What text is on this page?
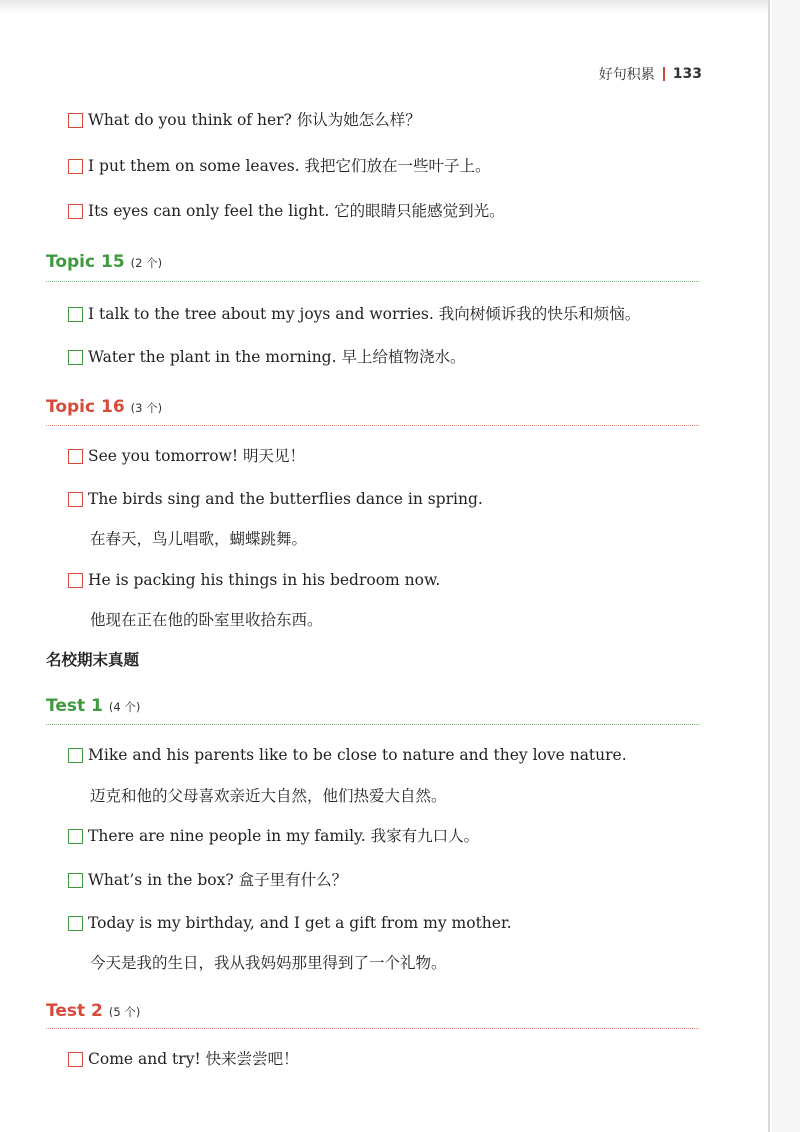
好句积累 133
What do you think of her? 你认为她怎么样？
I put them on some leaves. 我把它们放在一些叶子上。
Its eyes can only feel the light. 它的眼睛只能感觉到光。
Topic 15 (2 个)
I talk to the tree about my joys and worries. 我向树倾诉我的快乐和烦恼。
Water the plant in the morning. 早上给植物浇水。
Topic 16 (3 个)
See you tomorrow! 明天见！
The birds sing and the butterflies dance in spring.
在春天，鸟儿唱歌，蝴蝶跳舞。
He is packing his things in his bedroom now.
他现在正在他的卧室里收拾东西。
名校期末真题
Test 1 (4 个)
Mike and his parents like to be close to nature and they love nature.
迈克和他的父母喜欢亲近大自然，他们热爱大自然。
There are nine people in my family. 我家有九口人。
What’s in the box? 盒子里有什么？
Today is my birthday, and I get a gift from my mother.
今天是我的生日，我从我妈妈那里得到了一个礼物。
Test 2 (5 个)
Come and try! 快来尝尝吧！
